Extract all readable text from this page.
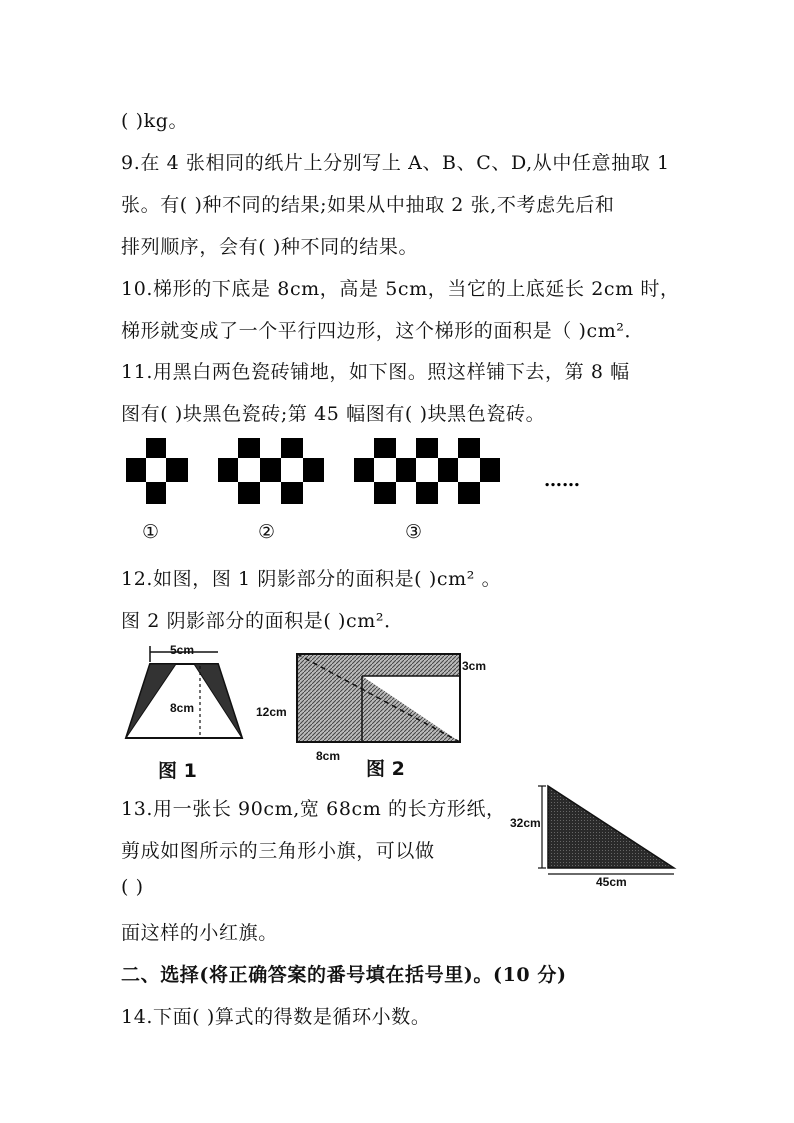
( )kg。
9.在 4 张相同的纸片上分别写上 A、B、C、D,从中任意抽取 1
张。有( )种不同的结果;如果从中抽取 2 张,不考虑先后和
排列顺序，会有( )种不同的结果。
10.梯形的下底是 8cm，高是 5cm，当它的上底延长 2cm 时，
梯形就变成了一个平行四边形，这个梯形的面积是（ )cm²．
11.用黑白两色瓷砖铺地，如下图。照这样铺下去，第 8 幅
图有( )块黑色瓷砖;第 45 幅图有( )块黑色瓷砖。
……
①	②	③
12.如图，图 1 阴影部分的面积是( )cm² 。
图 2 阴影部分的面积是( )cm²．
5cm
8cm
图 1
3cm
12cm
8cm
图 2
13.用一张长 90cm,宽 68cm 的长方形纸，
剪成如图所示的三角形小旗，可以做
( )
32cm
45cm
面这样的小红旗。
二、选择(将正确答案的番号填在括号里)。(10 分)
14.下面( )算式的得数是循环小数。
